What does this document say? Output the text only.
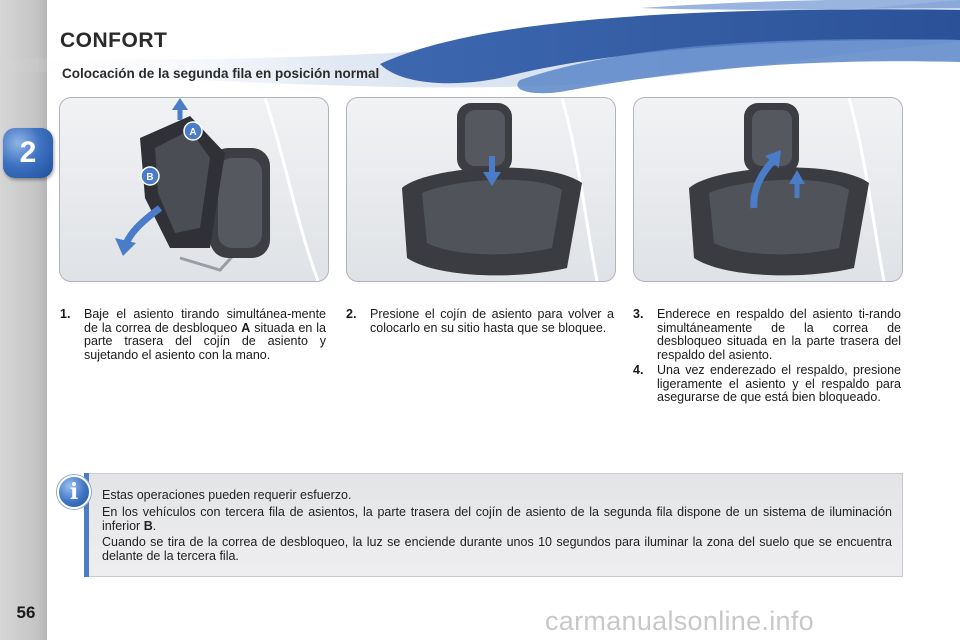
2
56
CONFORT
Colocación de la segunda fila en posición normal
A
B
1. Baje el asiento tirando simultánea-mente de la correa de desbloqueo A situada en la parte trasera del cojín de asiento y sujetando el asiento con la mano.
2. Presione el cojín de asiento para volver a colocarlo en su sitio hasta que se bloquee.
3. Enderece en respaldo del asiento ti-rando simultáneamente de la correa de desbloqueo situada en la parte trasera del respaldo del asiento.
4. Una vez enderezado el respaldo, presione ligeramente el asiento y el respaldo para asegurarse de que está bien bloqueado.
i	Estas operaciones pueden requerir esfuerzo.
En los vehículos con tercera fila de asientos, la parte trasera del cojín de asiento de la segunda fila dispone de un sistema de iluminación inferior B.
Cuando se tira de la correa de desbloqueo, la luz se enciende durante unos 10 segundos para iluminar la zona del suelo que se encuentra delante de la tercera fila.
carmanualsonline.info
